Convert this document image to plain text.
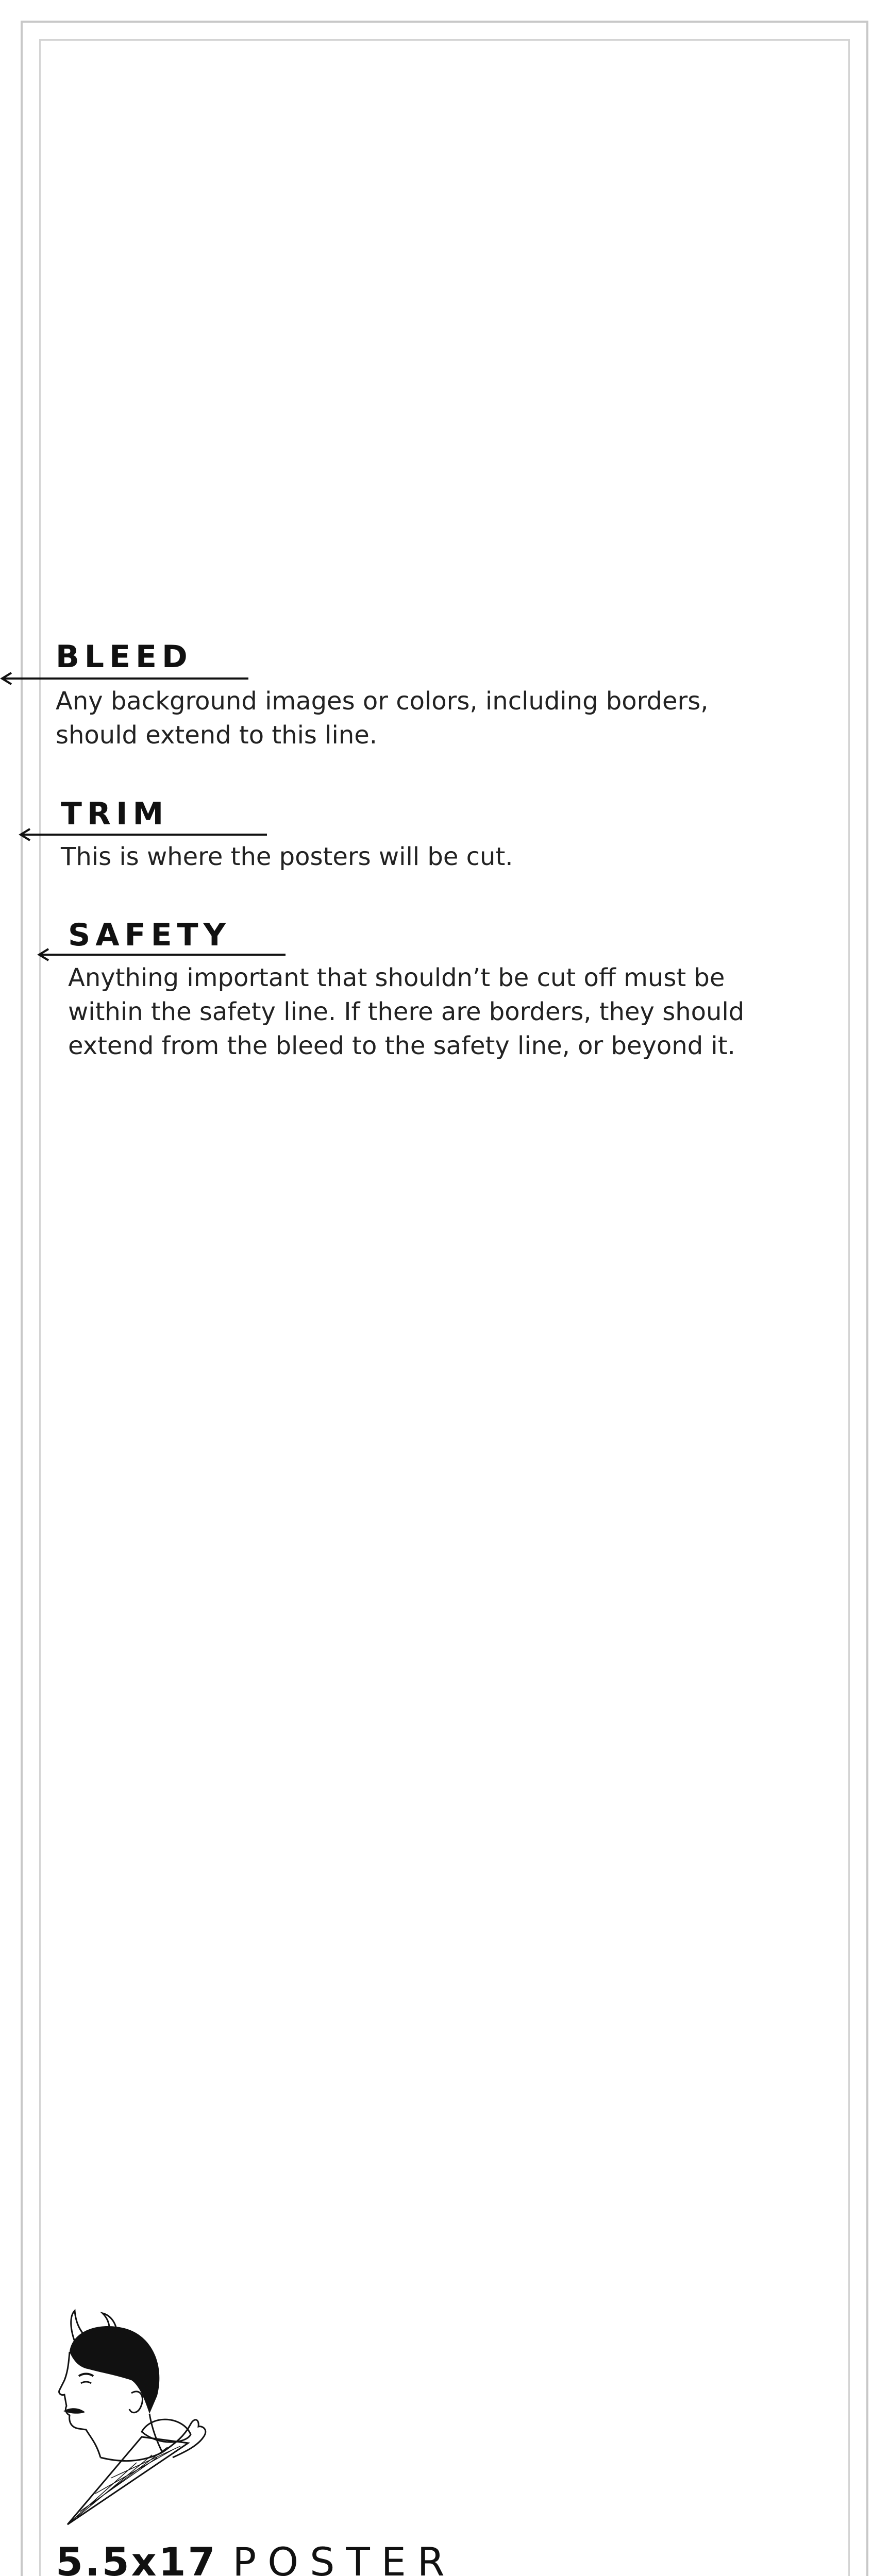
BLEED
Any background images or colors, including borders,
should extend to this line.
TRIM
This is where the posters will be cut.
SAFETY
Anything important that shouldn’t be cut off must be
within the safety line. If there are borders, they should
extend from the bleed to the safety line, or beyond it.
5.5x17 POSTER
